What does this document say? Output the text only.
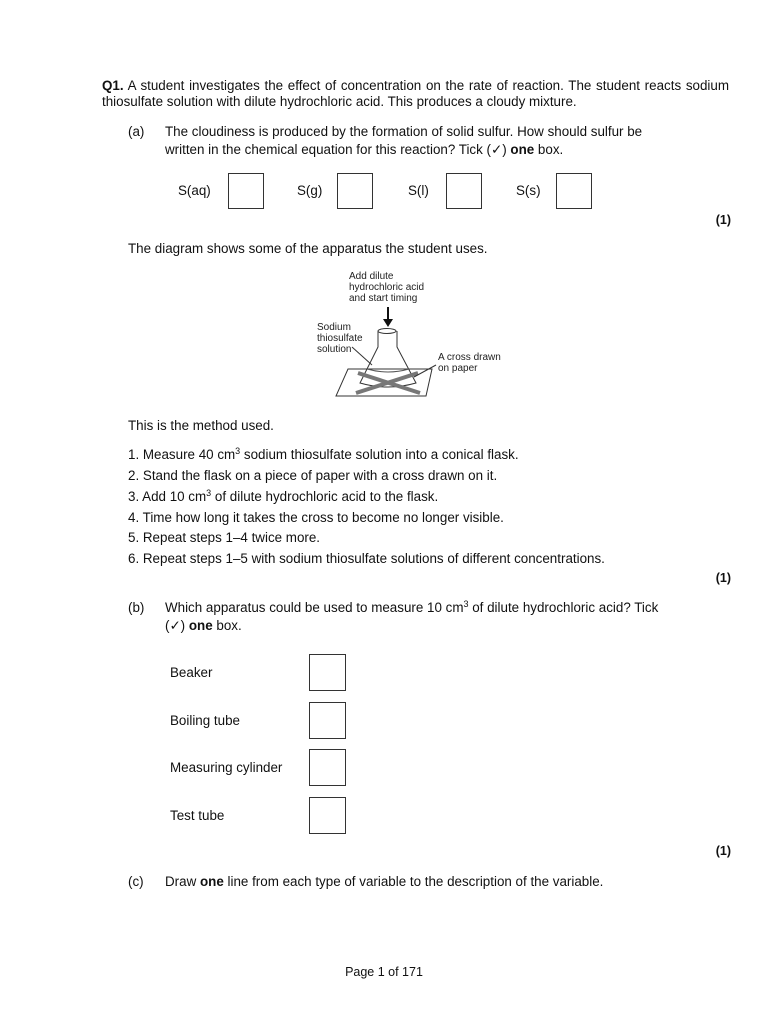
Q1. A student investigates the effect of concentration on the rate of reaction. The student reacts sodium thiosulfate solution with dilute hydrochloric acid. This produces a cloudy mixture.
(a) The cloudiness is produced by the formation of solid sulfur. How should sulfur be
written in the chemical equation for this reaction? Tick (✓) one box.
S(aq)	S(g)	S(l)	S(s)
(1)
The diagram shows some of the apparatus the student uses.
Add dilute
hydrochloric acid
and start timing
Sodium
thiosulfate
solution
A cross drawn
on paper
This is the method used.
1. Measure 40 $cm^3$ sodium thiosulfate solution into a conical flask.
2. Stand the flask on a piece of paper with a cross drawn on it.
3. Add 10 $cm^3$ of dilute hydrochloric acid to the flask.
4. Time how long it takes the cross to become no longer visible.
5. Repeat steps 1–4 twice more.
6. Repeat steps 1–5 with sodium thiosulfate solutions of different concentrations.
(1)
(b) Which apparatus could be used to measure 10 $cm^3$ of dilute hydrochloric acid? Tick
(✓) one box.
Beaker
Boiling tube
Measuring cylinder
Test tube
(1)
(c) Draw one line from each type of variable to the description of the variable.
Page 1 of 171
